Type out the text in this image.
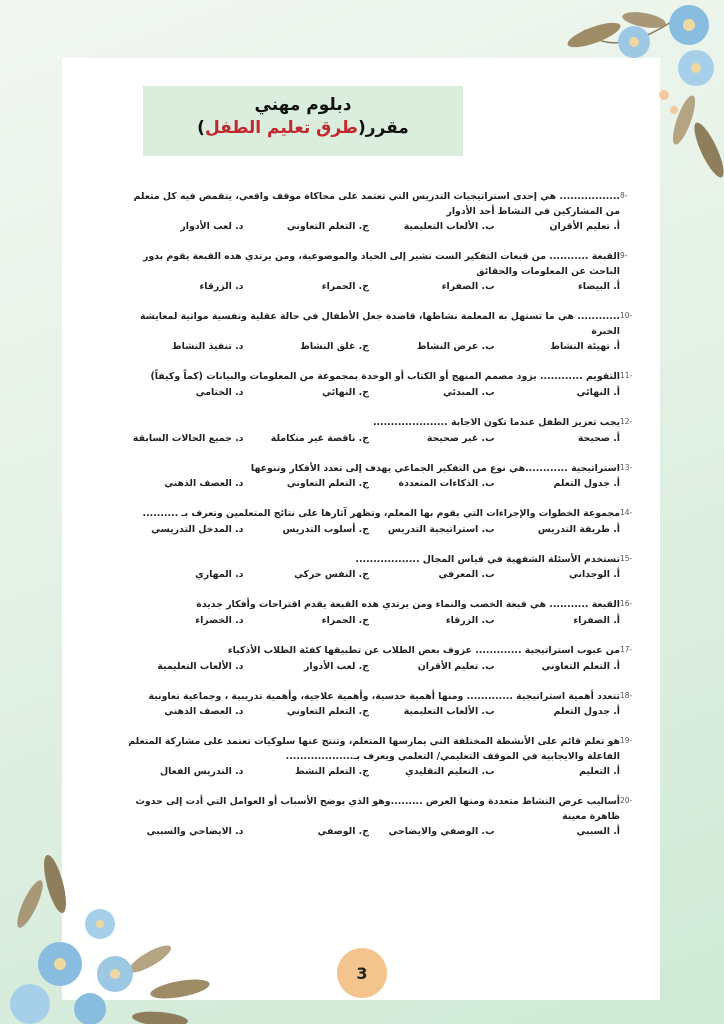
دبلوم مهني
مقرر(طرق تعليم الطفل)
8-
................. هي إحدى استراتيجيات التدريس التي تعتمد على محاكاة موقف واقعي، يتقمص فيه كل متعلم من المشاركين في النشاط أحد الأدوار
أ. تعليم الأقران
ب. الألعاب التعليمية
ج. التعلم التعاوني
د. لعب الأدوار
9-
القبعة ........... من قبعات التفكير الست تشير إلى الحياد والموضوعية، ومن يرتدي هذه القبعة يقوم بدور الباحث عن المعلومات والحقائق
أ. البيضاء
ب. الصفراء
ج. الحمراء
د. الزرقاء
10-
............ هي ما تستهل به المعلمة نشاطها، قاصدة جعل الأطفال في حالة عقلية ونفسية مواتية لمعايشة الخبرة
أ. تهيئة النشاط
ب. عرض النشاط
ج. غلق النشاط
د. تنفيذ النشاط
11-
التقويم ............ يزود مصمم المنهج أو الكتاب أو الوحدة بمجموعة من المعلومات والبيانات (كماً وكيفاً)
أ. النهائي
ب. المبدئي
ج. النهائي
د. الختامي
12-
يجب تعزيز الطفل عندما تكون الاجابة .....................
أ. صحيحة
ب. غير صحيحة
ج. ناقصة غير متكاملة
د. جميع الحالات السابقة
13-
استراتيجية ............هي نوع من التفكير الجماعي يهدف إلى تعدد الأفكار وتنوعها
أ. جدول التعلم
ب. الذكاءات المتعددة
ج. التعلم التعاوني
د. العصف الذهني
14-
مجموعة الخطوات والإجراءات التي يقوم بها المعلم، وتظهر آثارها على نتائج المتعلمين وتعرف بـ ..........
أ. طريقة التدريس
ب. استراتيجية التدريس
ج. أسلوب التدريس
د. المدخل التدريسي
15-
تستخدم الأسئلة الشفهية في قياس المجال ..................
أ. الوجداني
ب. المعرفي
ج. النفس حركي
د. المهاري
16-
القبعة ........... هي قبعة الخصب والنماء ومن يرتدي هذه القبعة يقدم اقتراحات وأفكار جديدة
أ. الصفراء
ب. الزرقاء
ج. الحمراء
د. الخضراء
17-
من عيوب استراتيجية ............. عزوف بعض الطلاب عن تطبيقها كفئة الطلاب الأذكياء
أ. التعلم التعاوني
ب. تعليم الأقران
ج. لعب الأدوار
د. الألعاب التعليمية
18-
تتعدد أهمية استراتيجية ............. ومنها أهمية حدسية، وأهمية علاجية، وأهمية تدريبية ، وجماعية تعاونية
أ. جدول التعلم
ب. الألعاب التعليمية
ج. التعلم التعاوني
د. العصف الذهني
19-
هو تعلم قائم على الأنشطة المختلفة التي يمارسها المتعلم، وتنتج عنها سلوكيات تعتمد على مشاركة المتعلم الفاعلة والايجابية في الموقف التعليمي/ التعلمي ويعرف بـ...................
أ. التعليم
ب. التعليم التقليدي
ج. التعلم النشط
د. التدريس الفعال
20-
أساليب عرض النشاط متعددة ومنها العرض .........وهو الذي يوضح الأسباب أو العوامل التي أدت إلى حدوث ظاهرة معينة
أ. السببي
ب. الوصفي والايضاحي
ج. الوصفي
د. الايضاحي والسببي
3
